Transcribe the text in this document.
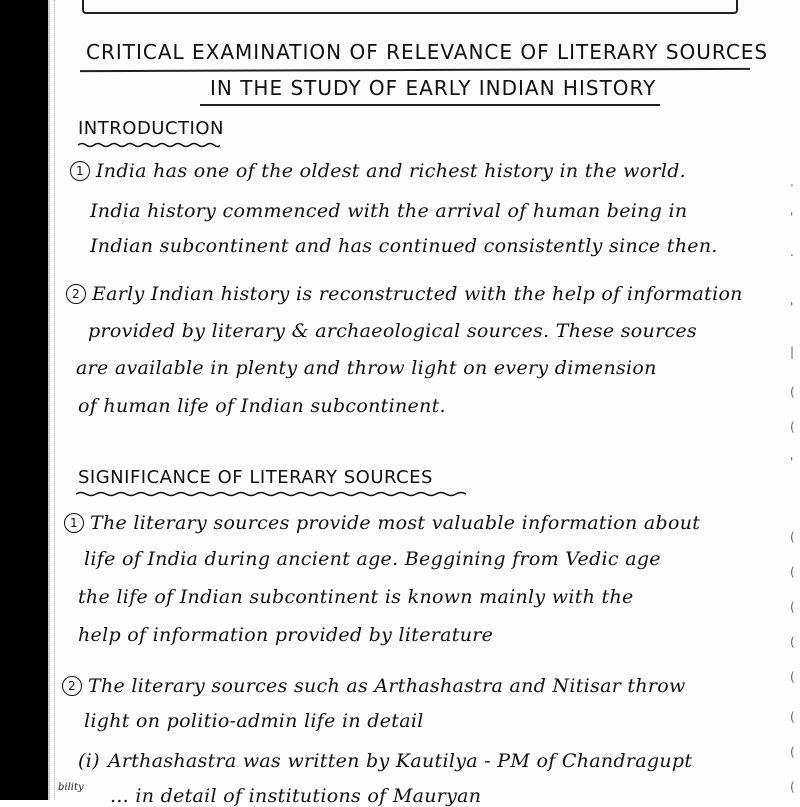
.
'
.
'
|
(
(
'
(
(
(
(
(
(
(
(
CRITICAL EXAMINATION OF RELEVANCE OF LITERARY SOURCES
IN THE STUDY OF EARLY INDIAN HISTORY
INTRODUCTION
1 India has one of the oldest and richest history in the world.
India history commenced with the arrival of human being in
Indian subcontinent and has continued consistently since then.
2 Early Indian history is reconstructed with the help of information
provided by literary & archaeological sources. These sources
are available in plenty and throw light on every dimension
of human life of Indian subcontinent.
SIGNIFICANCE OF LITERARY SOURCES
1 The literary sources provide most valuable information about
life of India during ancient age. Beggining from Vedic age
the life of Indian subcontinent is known mainly with the
help of information provided by literature
2 The literary sources such as Arthashastra and Nitisar throw
light on politio-admin life in detail
(i) Arthashastra was written by Kautilya - PM of Chandragupt
... in detail of institutions of Mauryan
bility
